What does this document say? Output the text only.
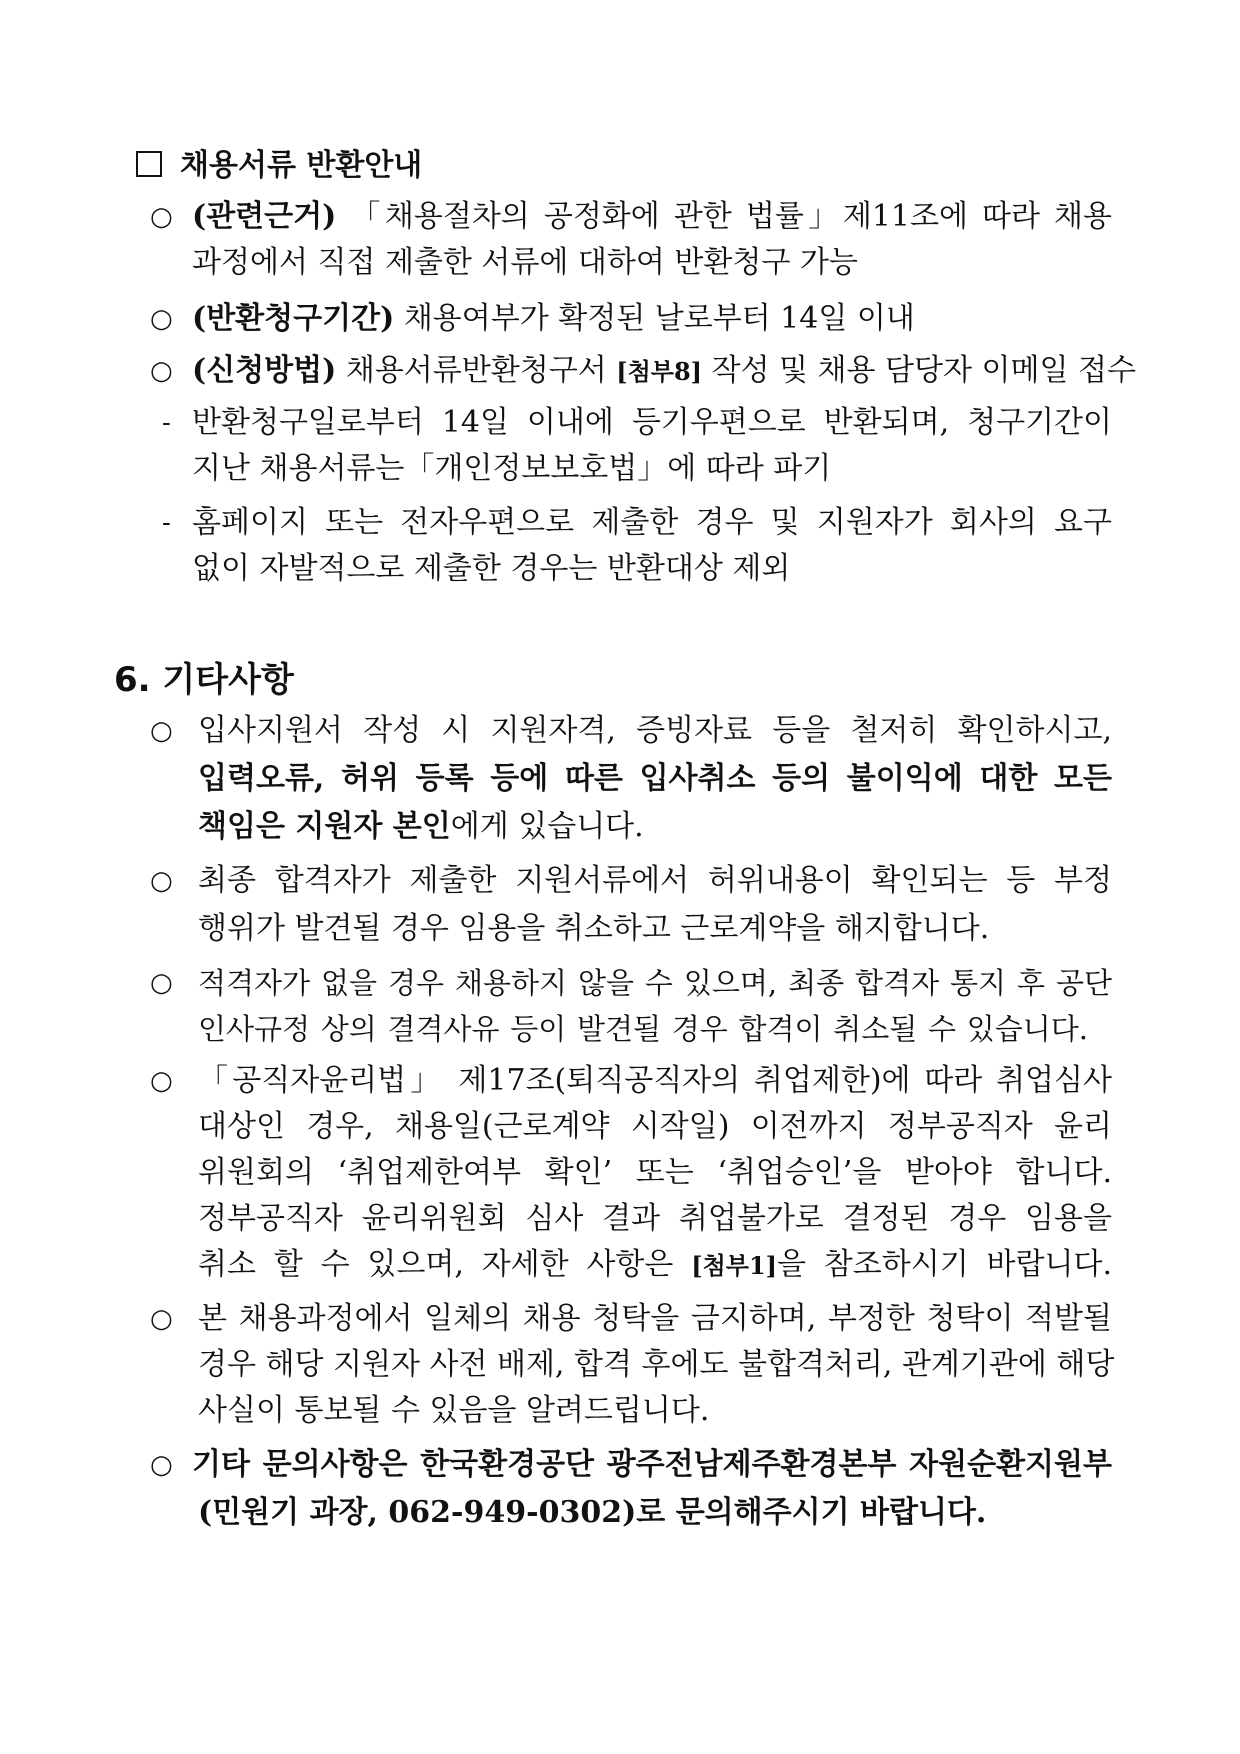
채용서류 반환안내
○ (관련근거) 「채용절차의 공정화에 관한 법률」제11조에 따라 채용
과정에서 직접 제출한 서류에 대하여 반환청구 가능
○ (반환청구기간) 채용여부가 확정된 날로부터 14일 이내
○ (신청방법) 채용서류반환청구서 [첨부8] 작성 및 채용 담당자 이메일 접수
- 반환청구일로부터 14일 이내에 등기우편으로 반환되며, 청구기간이
지난 채용서류는「개인정보보호법」에 따라 파기
- 홈페이지 또는 전자우편으로 제출한 경우 및 지원자가 회사의 요구
없이 자발적으로 제출한 경우는 반환대상 제외
6. 기타사항
○ 입사지원서 작성 시 지원자격, 증빙자료 등을 철저히 확인하시고,
입력오류, 허위 등록 등에 따른 입사취소 등의 불이익에 대한 모든
책임은 지원자 본인에게 있습니다.
○ 최종 합격자가 제출한 지원서류에서 허위내용이 확인되는 등 부정
행위가 발견될 경우 임용을 취소하고 근로계약을 해지합니다.
○ 적격자가 없을 경우 채용하지 않을 수 있으며, 최종 합격자 통지 후 공단
인사규정 상의 결격사유 등이 발견될 경우 합격이 취소될 수 있습니다.
○ 「공직자윤리법」 제17조(퇴직공직자의 취업제한)에 따라 취업심사
대상인 경우, 채용일(근로계약 시작일) 이전까지 정부공직자 윤리
위원회의 ‘취업제한여부 확인’ 또는 ‘취업승인’을 받아야 합니다.
정부공직자 윤리위원회 심사 결과 취업불가로 결정된 경우 임용을
취소 할 수 있으며, 자세한 사항은 [첨부1]을 참조하시기 바랍니다.
○ 본 채용과정에서 일체의 채용 청탁을 금지하며, 부정한 청탁이 적발될
경우 해당 지원자 사전 배제, 합격 후에도 불합격처리, 관계기관에 해당
사실이 통보될 수 있음을 알려드립니다.
○ 기타 문의사항은 한국환경공단 광주전남제주환경본부 자원순환지원부
(민원기 과장, 062-949-0302)로 문의해주시기 바랍니다.
